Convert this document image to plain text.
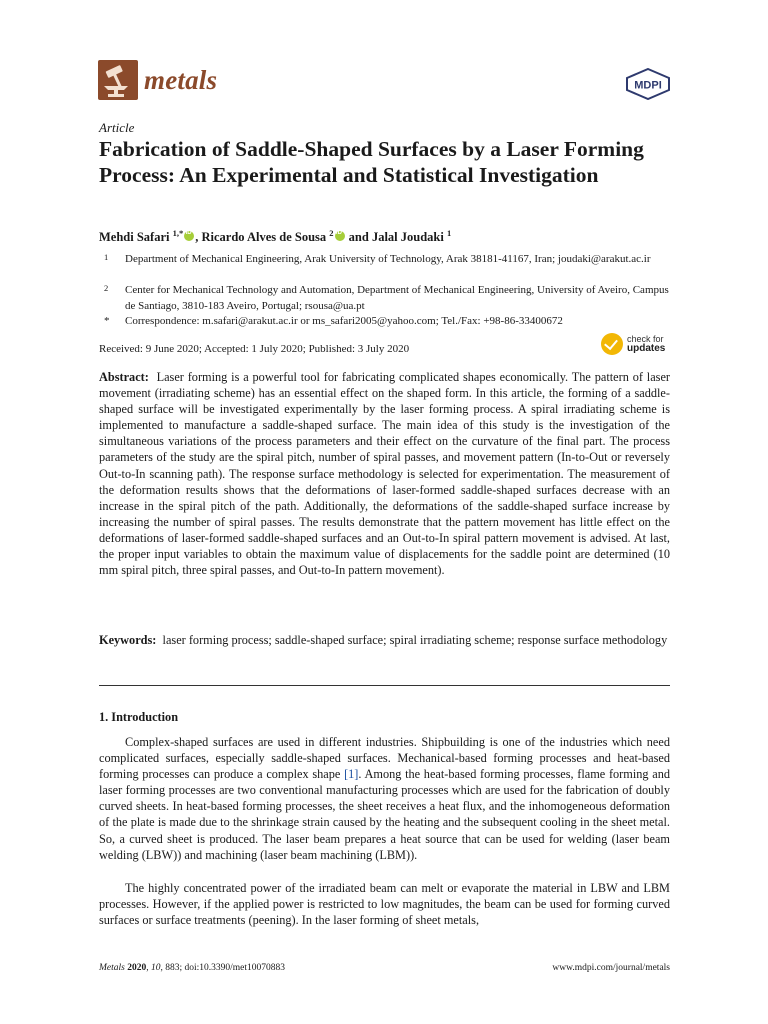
metals	MDPI
Article
Fabrication of Saddle-Shaped Surfaces by a Laser Forming Process: An Experimental and Statistical Investigation
Mehdi Safari $^{1,*}$iD , Ricardo Alves de Sousa $^2$iD and Jalal Joudaki $^1$
1 Department of Mechanical Engineering, Arak University of Technology, Arak 38181-41167, Iran; joudaki@arakut.ac.ir
2 Center for Mechanical Technology and Automation, Department of Mechanical Engineering, University of Aveiro, Campus de Santiago, 3810-183 Aveiro, Portugal; rsousa@ua.pt
* Correspondence: m.safari@arakut.ac.ir or ms_safari2005@yahoo.com; Tel./Fax: +98-86-33400672
Received: 9 June 2020; Accepted: 1 July 2020; Published: 3 July 2020
check for
updates
Abstract: Laser forming is a powerful tool for fabricating complicated shapes economically. The pattern of laser movement (irradiating scheme) has an essential effect on the shaped form. In this article, the forming of a saddle-shaped surface will be investigated experimentally by the laser forming process. A spiral irradiating scheme is implemented to manufacture a saddle-shaped surface. The main idea of this study is the investigation of the simultaneous variations of the process parameters and their effect on the curvature of the final part. The process parameters of the study are the spiral pitch, number of spiral passes, and movement pattern (In-to-Out or reversely Out-to-In scanning path). The response surface methodology is selected for experimentation. The measurement of the deformation results shows that the deformations of laser-formed saddle-shaped surfaces decrease with an increase in the spiral pitch of the path. Additionally, the deformations of the saddle-shaped surface increase by increasing the number of spiral passes. The results demonstrate that the pattern movement has little effect on the deformations of laser-formed saddle-shaped surfaces and an Out-to-In spiral pattern movement is advised. At last, the proper input variables to obtain the maximum value of displacements for the saddle point are determined (10 mm spiral pitch, three spiral passes, and Out-to-In pattern movement).
Keywords: laser forming process; saddle-shaped surface; spiral irradiating scheme; response surface methodology
1. Introduction
Complex-shaped surfaces are used in different industries. Shipbuilding is one of the industries which need complicated surfaces, especially saddle-shaped surfaces. Mechanical-based forming processes and heat-based forming processes can produce a complex shape [1]. Among the heat-based forming processes, flame forming and laser forming processes are two conventional manufacturing processes which are used for the fabrication of doubly curved sheets. In heat-based forming processes, the sheet receives a heat flux, and the inhomogeneous deformation of the plate is made due to the shrinkage strain caused by the heating and the subsequent cooling in the sheet metal. So, a curved sheet is produced. The laser beam prepares a heat source that can be used for welding (laser beam welding (LBW)) and machining (laser beam machining (LBM)).
The highly concentrated power of the irradiated beam can melt or evaporate the material in LBW and LBM processes. However, if the applied power is restricted to low magnitudes, the beam can be used for forming curved surfaces or surface treatments (peening). In the laser forming of sheet metals,
Metals 2020, 10, 883; doi:10.3390/met10070883	www.mdpi.com/journal/metals
